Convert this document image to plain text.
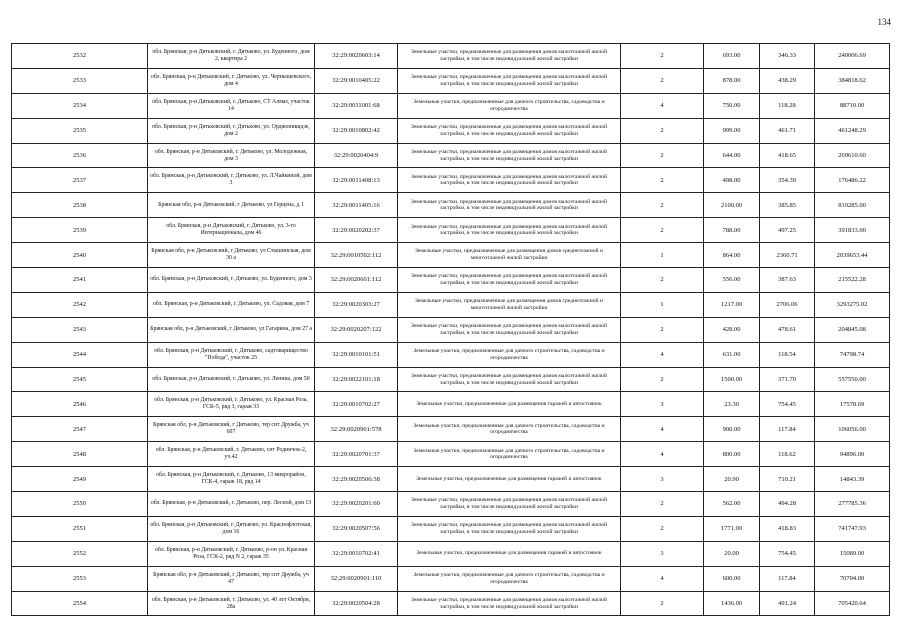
134
2532	обл. Брянская, р-н Дятьковский, г. Дятьково, ул. Буденного, дом 2, квартира 2	32:29:0020603:14	Земельные участки, предназначенные для размещения домов малоэтажной жилой застройки, в том числе индивидуальной жилой застройки	2	693.00	346.33	240006.69
2533	обл. Брянская, р-н Дятьковский, г. Дятьково, ул. Чернышевского, дом 4	32:29:0010405:22	Земельные участки, предназначенные для размещения домов малоэтажной жилой застройки, в том числе индивидуальной жилой застройки	2	878.00	438.29	384818.62
2534	обл. Брянская, р-н Дятьковский, г. Дятьково, СТ Алмаз, участок 14	32:29:0011001:68	Земельные участки, предназначенные для дачного строительства, садоводства и огородничества	4	750.00	118.28	88710.00
2535	обл. Брянская, р-н Дятьковский, г. Дятьково, ул. Орджоникидзе, дом 2	32:29:0010802:42	Земельные участки, предназначенные для размещения домов малоэтажной жилой застройки, в том числе индивидуальной жилой застройки	2	999.00	461.71	461248.29
2536	обл. Брянская, р-н Дятьковский, г. Дятьково, ул. Молодежная, дом 3	32:29:0020404:9	Земельные участки, предназначенные для размещения домов малоэтажной жилой застройки, в том числе индивидуальной жилой застройки	2	644.00	418.65	269610.60
2537	обл. Брянская, р-н Дятьковский, г. Дятьково, ул. Л.Чайкиной, дом 3	32:29:0011408:13	Земельные участки, предназначенные для размещения домов малоэтажной жилой застройки, в том числе индивидуальной жилой застройки	2	498.00	354.39	176486.22
2538	Брянская обл, р-н Дятьковский, г Дятьково, ул Герцена, д 1	32:29:0011405:16	Земельные участки, предназначенные для размещения домов малоэтажной жилой застройки, в том числе индивидуальной жилой застройки	2	2100.00	385.85	810285.00
2539	обл. Брянская, р-н Дятьковский, г. Дятьково, ул. 3-го Интернационала, дом 46	32:29:0020202:37	Земельные участки, предназначенные для размещения домов малоэтажной жилой застройки, в том числе индивидуальной жилой застройки	2	788.00	497.25	391833.00
2540	Брянская обл, р-н Дятьковский, г Дятьково, ул Стышинская, дом 30 а	32:29:0010502:112	Земельные участки, предназначенные для размещения домов среднеэтажной и многоэтажной жилой застройки	1	864.00	2360.71	2039653.44
2541	обл. Брянская, р-н Дятьковский, г. Дятьково, ул. Буденного, дом 3	32:29:0020601:112	Земельные участки, предназначенные для размещения домов малоэтажной жилой застройки, в том числе индивидуальной жилой застройки	2	556.00	387.63	215522.28
2542	обл. Брянская, р-н Дятьковский, г. Дятьково, ул. Садовая, дом 7	32:29:0020303:27	Земельные участки, предназначенные для размещения домов среднеэтажной и многоэтажной жилой застройки	1	1217.00	2706.06	3293275.02
2543	Брянская обл, р-н Дятьковский, г Дятьково, ул Гагарина, дом 27 а	32:29:0020207:122	Земельные участки, предназначенные для размещения домов малоэтажной жилой застройки, в том числе индивидуальной жилой застройки	2	428.00	478.61	204845.08
2544	обл. Брянская, р-н Дятьковский, г. Дятьково, садтоварищество "Победа", участок 25	32:29:0010101:51	Земельные участки, предназначенные для дачного строительства, садоводства и огородничества	4	631.00	118.54	74798.74
2545	обл. Брянская, р-н Дятьковский, г. Дятьково, ул. Ленина, дом 50	32:29:0022101:18	Земельные участки, предназначенные для размещения домов малоэтажной жилой застройки, в том числе индивидуальной жилой застройки	2	1500.00	371.70	557550.00
2546	обл. Брянская, р-н Дятьковский, г. Дятьково, ул. Красная Роза, ГСК-5, ряд 3, гараж 33	32:29:0010702:27	Земельные участки, предназначенные для размещения гаражей и автостоянок	3	23.30	754.45	17578.69
2547	Брянская обл, р-н Дятьковский, г Дятьково, тер снт Дружба, уч 607	32:29:0020901:578	Земельные участки, предназначенные для дачного строительства, садоводства и огородничества	4	900.00	117.84	106056.00
2548	обл. Брянская, р-н Дятьковский, г. Дятьково, снт Родничок-2, уч.42	32:29:0020701:37	Земельные участки, предназначенные для дачного строительства, садоводства и огородничества	4	800.00	118.62	94896.00
2549	обл. Брянская, р-н Дятьковский, г. Дятьково, 13 микрорайон, ГСК-4, гараж 18, ряд 14	32:29:0020506:38	Земельные участки, предназначенные для размещения гаражей и автостоянок	3	20.90	710.21	14843.39
2550	обл. Брянская, р-н Дятьковский, г. Дятьково, пер. Лесной, дом 13	32:29:0020201:60	Земельные участки, предназначенные для размещения домов малоэтажной жилой застройки, в том числе индивидуальной жилой застройки	2	562.00	494.28	277785.36
2551	обл. Брянская, р-н Дятьковский, г. Дятьково, ул. Краснофлотская, дом 16	32:29:0020507:56	Земельные участки, предназначенные для размещения домов малоэтажной жилой застройки, в том числе индивидуальной жилой застройки	2	1771.00	418.83	741747.93
2552	обл. Брянская, р-н Дятьковский, г. Дятьково, р-он ул. Красная Роза, ГСК-2, ряд N 2, гараж 35	32:29:0010702:41	Земельные участки, предназначенные для размещения гаражей и автостоянок	3	20.00	754.45	15089.00
2553	Брянская обл, р-н Дятьковский, г Дятьково, тер снт Дружба, уч 47	32:29:0020901:110	Земельные участки, предназначенные для дачного строительства, садоводства и огородничества	4	600.00	117.84	70704.00
2554	обл. Брянская, р-н Дятьковский, г. Дятьково, ул. 40 лет Октября, 28а	32:29:0020504:28	Земельные участки, предназначенные для размещения домов малоэтажной жилой застройки, в том числе индивидуальной жилой застройки	2	1436.00	491.24	705420.64
